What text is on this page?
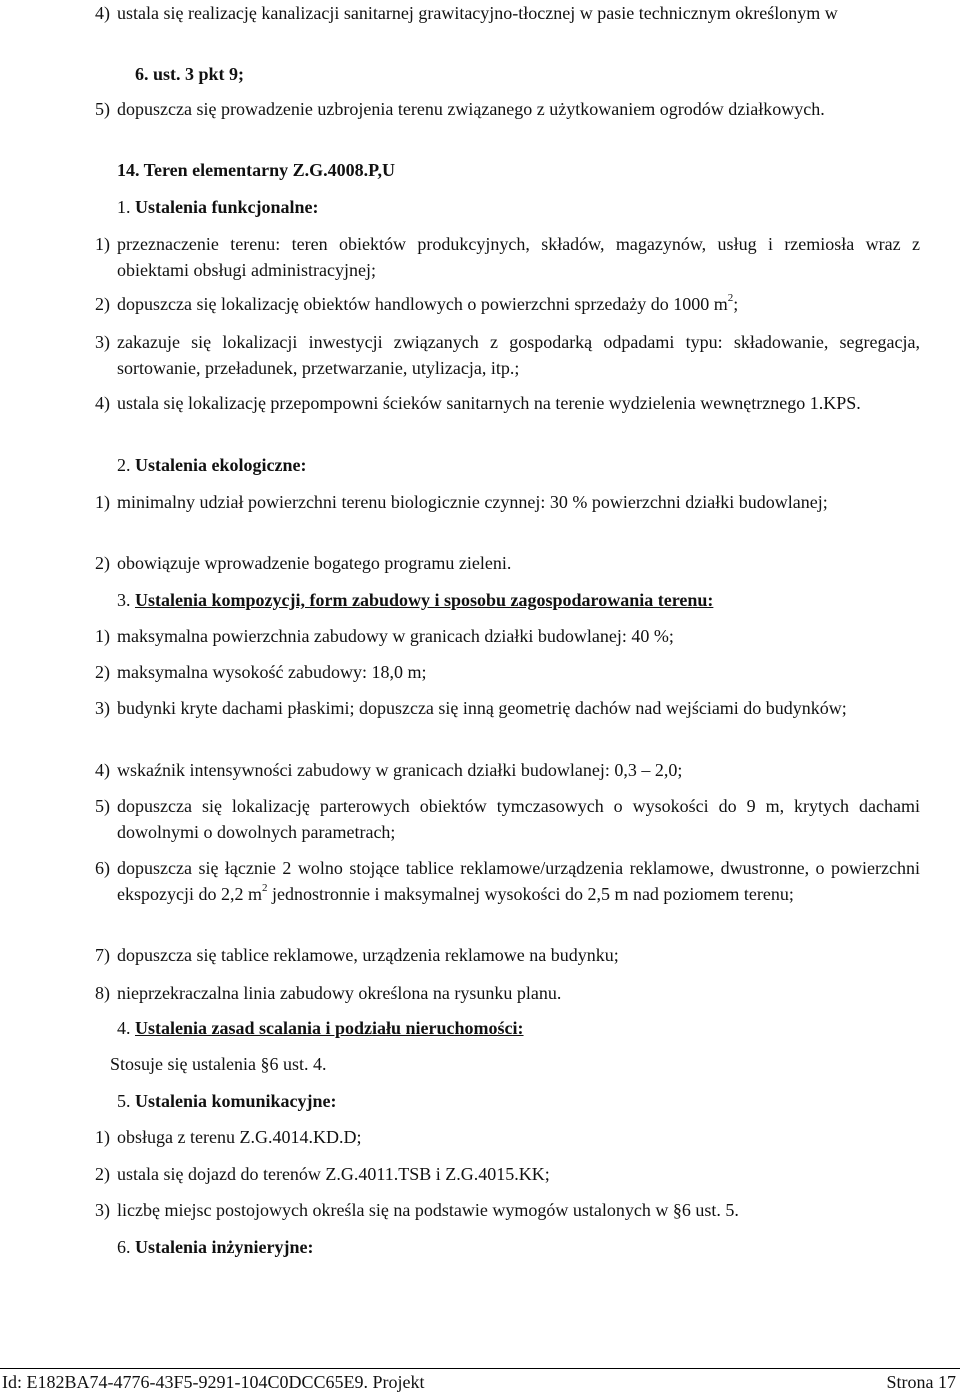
4) ustala się realizację kanalizacji sanitarnej grawitacyjno-tłocznej w pasie technicznym określonym w
6. ust. 3 pkt 9;
5) dopuszcza się prowadzenie uzbrojenia terenu związanego z użytkowaniem ogrodów działkowych.
14. Teren elementarny Z.G.4008.P,U
1. Ustalenia funkcjonalne:
1) przeznaczenie terenu: teren obiektów produkcyjnych, składów, magazynów, usług i rzemiosła wraz z obiektami obsługi administracyjnej;
2) dopuszcza się lokalizację obiektów handlowych o powierzchni sprzedaży do 1000 $m^2$;
3) zakazuje się lokalizacji inwestycji związanych z gospodarką odpadami typu: składowanie, segregacja, sortowanie, przeładunek, przetwarzanie, utylizacja, itp.;
4) ustala się lokalizację przepompowni ścieków sanitarnych na terenie wydzielenia wewnętrznego 1.KPS.
2. Ustalenia ekologiczne:
1) minimalny udział powierzchni terenu biologicznie czynnej: 30 % powierzchni działki budowlanej;
2) obowiązuje wprowadzenie bogatego programu zieleni.
3. Ustalenia kompozycji, form zabudowy i sposobu zagospodarowania terenu:
1) maksymalna powierzchnia zabudowy w granicach działki budowlanej: 40 %;
2) maksymalna wysokość zabudowy: 18,0 m;
3) budynki kryte dachami płaskimi; dopuszcza się inną geometrię dachów nad wejściami do budynków;
4) wskaźnik intensywności zabudowy w granicach działki budowlanej: 0,3 – 2,0;
5) dopuszcza się lokalizację parterowych obiektów tymczasowych o wysokości do 9 m, krytych dachami dowolnymi o dowolnych parametrach;
6) dopuszcza się łącznie 2 wolno stojące tablice reklamowe/urządzenia reklamowe, dwustronne, o powierzchni ekspozycji do 2,2 $m^2$ jednostronnie i maksymalnej wysokości do 2,5 m nad poziomem terenu;
7) dopuszcza się tablice reklamowe, urządzenia reklamowe na budynku;
8) nieprzekraczalna linia zabudowy określona na rysunku planu.
4. Ustalenia zasad scalania i podziału nieruchomości:
Stosuje się ustalenia §6 ust. 4.
5. Ustalenia komunikacyjne:
1) obsługa z terenu Z.G.4014.KD.D;
2) ustala się dojazd do terenów Z.G.4011.TSB i Z.G.4015.KK;
3) liczbę miejsc postojowych określa się na podstawie wymogów ustalonych w §6 ust. 5.
6. Ustalenia inżynieryjne:
Id: E182BA74-4776-43F5-9291-104C0DCC65E9. Projekt	Strona 17
